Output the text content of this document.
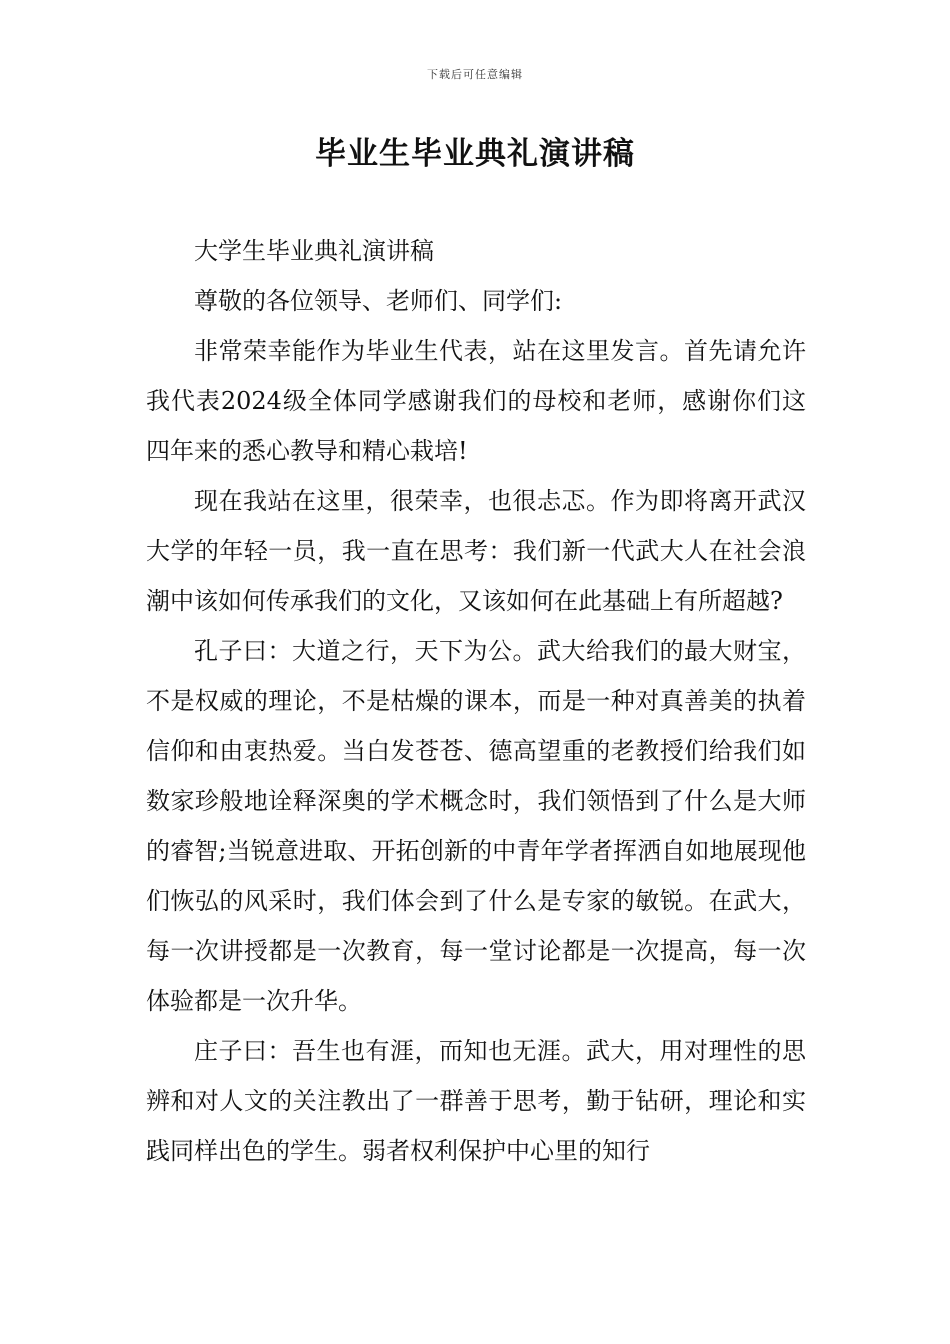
下载后可任意编辑
毕业生毕业典礼演讲稿

大学生毕业典礼演讲稿

尊敬的各位领导、老师们、同学们:

非常荣幸能作为毕业生代表，站在这里发言。首先请允许我代表2024级全体同学感谢我们的母校和老师，感谢你们这四年来的悉心教导和精心栽培!

现在我站在这里，很荣幸，也很忐忑。作为即将离开武汉大学的年轻一员，我一直在思考：我们新一代武大人在社会浪潮中该如何传承我们的文化，又该如何在此基础上有所超越?

孔子曰：大道之行，天下为公。武大给我们的最大财宝，不是权威的理论，不是枯燥的课本，而是一种对真善美的执着信仰和由衷热爱。当白发苍苍、德高望重的老教授们给我们如数家珍般地诠释深奥的学术概念时，我们领悟到了什么是大师的睿智;当锐意进取、开拓创新的中青年学者挥洒自如地展现他们恢弘的风采时，我们体会到了什么是专家的敏锐。在武大，每一次讲授都是一次教育，每一堂讨论都是一次提高，每一次体验都是一次升华。

庄子曰：吾生也有涯，而知也无涯。武大，用对理性的思辨和对人文的关注教出了一群善于思考，勤于钻研，理论和实践同样出色的学生。弱者权利保护中心里的知行
